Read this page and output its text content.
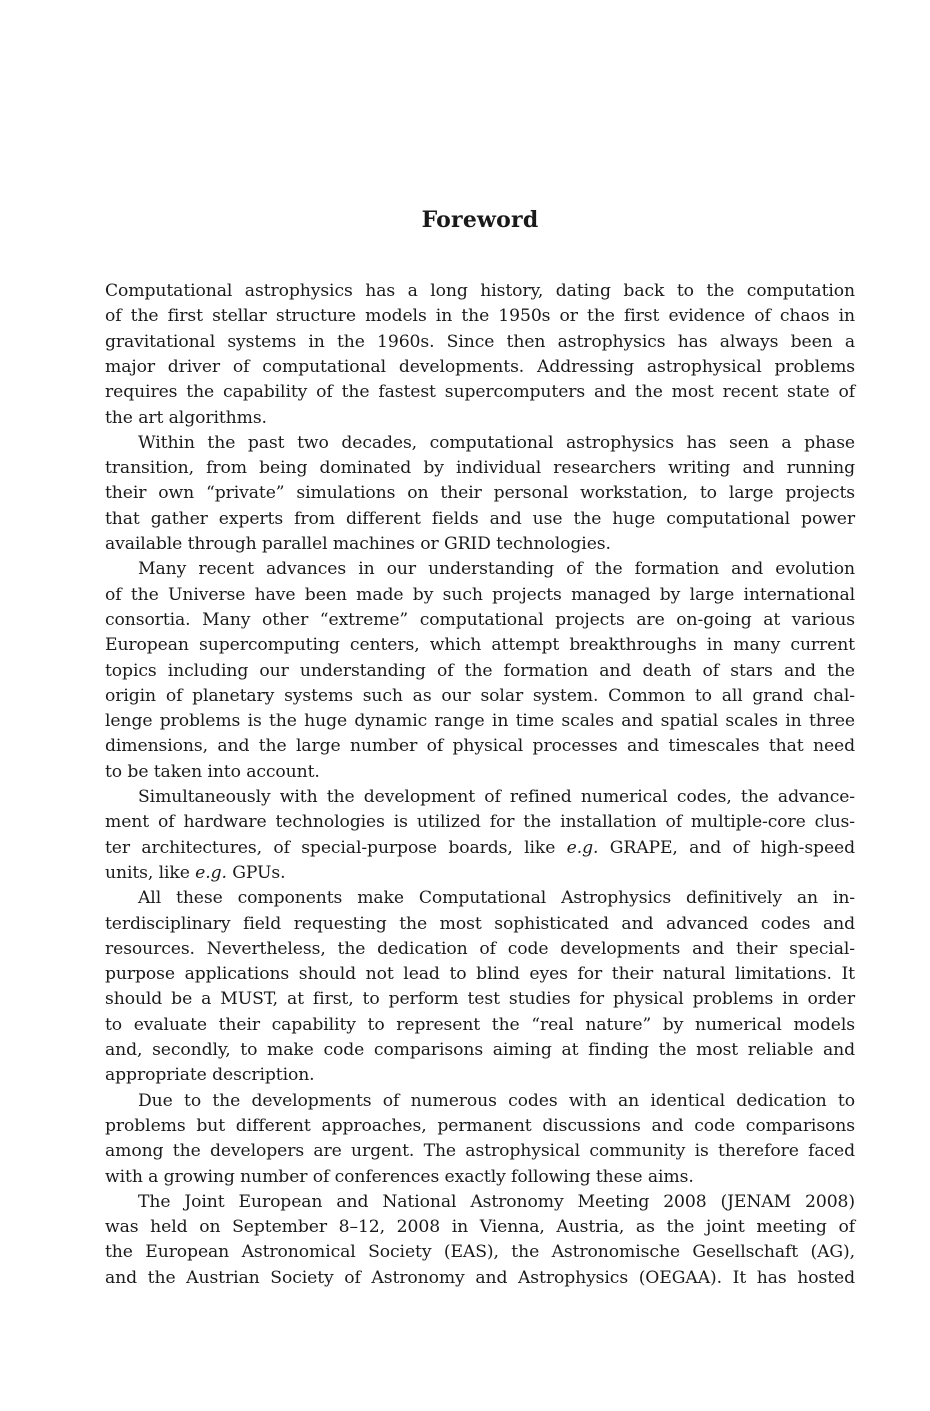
Foreword
Computational astrophysics has a long history, dating back to the computation
of the first stellar structure models in the 1950s or the first evidence of chaos in
gravitational systems in the 1960s. Since then astrophysics has always been a
major driver of computational developments. Addressing astrophysical problems
requires the capability of the fastest supercomputers and the most recent state of
the art algorithms.
Within the past two decades, computational astrophysics has seen a phase
transition, from being dominated by individual researchers writing and running
their own “private” simulations on their personal workstation, to large projects
that gather experts from different fields and use the huge computational power
available through parallel machines or GRID technologies.
Many recent advances in our understanding of the formation and evolution
of the Universe have been made by such projects managed by large international
consortia. Many other “extreme” computational projects are on-going at various
European supercomputing centers, which attempt breakthroughs in many current
topics including our understanding of the formation and death of stars and the
origin of planetary systems such as our solar system. Common to all grand chal-
lenge problems is the huge dynamic range in time scales and spatial scales in three
dimensions, and the large number of physical processes and timescales that need
to be taken into account.
Simultaneously with the development of refined numerical codes, the advance-
ment of hardware technologies is utilized for the installation of multiple-core clus-
ter architectures, of special-purpose boards, like e.g. GRAPE, and of high-speed
units, like e.g. GPUs.
All these components make Computational Astrophysics definitively an in-
terdisciplinary field requesting the most sophisticated and advanced codes and
resources. Nevertheless, the dedication of code developments and their special-
purpose applications should not lead to blind eyes for their natural limitations. It
should be a MUST, at first, to perform test studies for physical problems in order
to evaluate their capability to represent the “real nature” by numerical models
and, secondly, to make code comparisons aiming at finding the most reliable and
appropriate description.
Due to the developments of numerous codes with an identical dedication to
problems but different approaches, permanent discussions and code comparisons
among the developers are urgent. The astrophysical community is therefore faced
with a growing number of conferences exactly following these aims.
The Joint European and National Astronomy Meeting 2008 (JENAM 2008)
was held on September 8–12, 2008 in Vienna, Austria, as the joint meeting of
the European Astronomical Society (EAS), the Astronomische Gesellschaft (AG),
and the Austrian Society of Astronomy and Astrophysics (OEGAA). It has hosted
